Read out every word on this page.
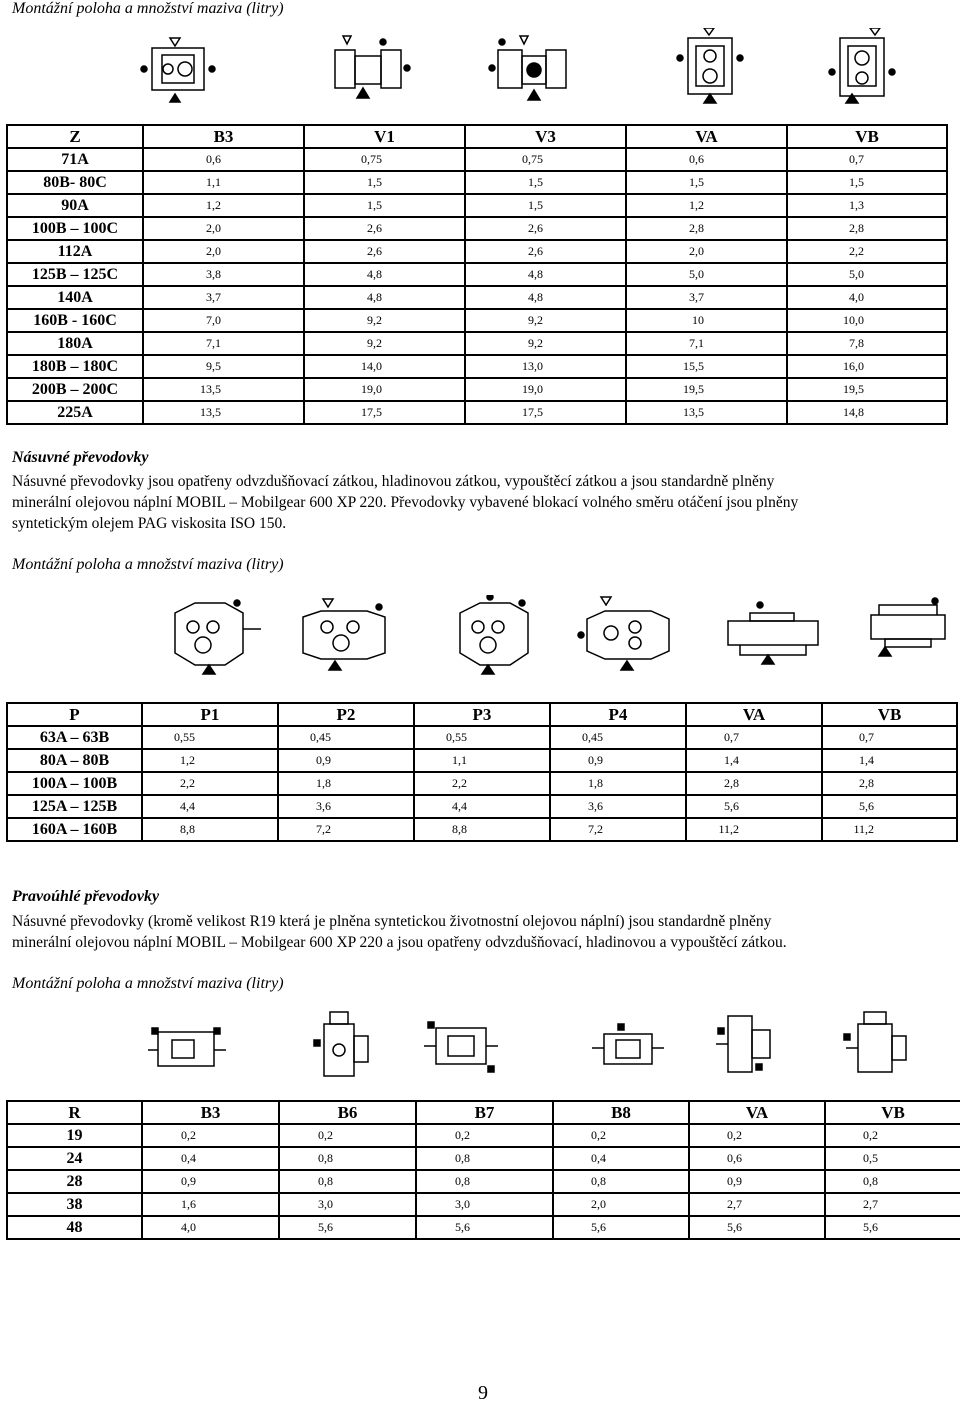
Montážní poloha a množství maziva (litry)
Z	B3	V1	V3	VA	VB
71A	0,6	0,75	0,75	0,6	0,7
80B- 80C	1,1	1,5	1,5	1,5	1,5
90A	1,2	1,5	1,5	1,2	1,3
100B – 100C	2,0	2,6	2,6	2,8	2,8
112A	2,0	2,6	2,6	2,0	2,2
125B – 125C	3,8	4,8	4,8	5,0	5,0
140A	3,7	4,8	4,8	3,7	4,0
160B - 160C	7,0	9,2	9,2	10	10,0
180A	7,1	9,2	9,2	7,1	7,8
180B – 180C	9,5	14,0	13,0	15,5	16,0
200B – 200C	13,5	19,0	19,0	19,5	19,5
225A	13,5	17,5	17,5	13,5	14,8
Násuvné převodovky
Násuvné převodovky jsou opatřeny odvzdušňovací zátkou, hladinovou zátkou, vypouštěcí zátkou a jsou standardně plněny
minerální olejovou náplní MOBIL – Mobilgear 600 XP 220. Převodovky vybavené blokací volného směru otáčení jsou plněny
syntetickým olejem PAG viskosita ISO 150.
Montážní poloha a množství maziva (litry)
P	P1	P2	P3	P4	VA	VB
63A – 63B	0,55	0,45	0,55	0,45	0,7	0,7
80A – 80B	1,2	0,9	1,1	0,9	1,4	1,4
100A – 100B	2,2	1,8	2,2	1,8	2,8	2,8
125A – 125B	4,4	3,6	4,4	3,6	5,6	5,6
160A – 160B	8,8	7,2	8,8	7,2	11,2	11,2
Pravoúhlé převodovky
Násuvné převodovky (kromě velikost R19 která je plněna syntetickou životnostní olejovou náplní) jsou standardně plněny
minerální olejovou náplní MOBIL – Mobilgear 600 XP 220 a jsou opatřeny odvzdušňovací, hladinovou a vypouštěcí zátkou.
Montážní poloha a množství maziva (litry)
R	B3	B6	B7	B8	VA	VB
19	0,2	0,2	0,2	0,2	0,2	0,2
24	0,4	0,8	0,8	0,4	0,6	0,5
28	0,9	0,8	0,8	0,8	0,9	0,8
38	1,6	3,0	3,0	2,0	2,7	2,7
48	4,0	5,6	5,6	5,6	5,6	5,6
9
